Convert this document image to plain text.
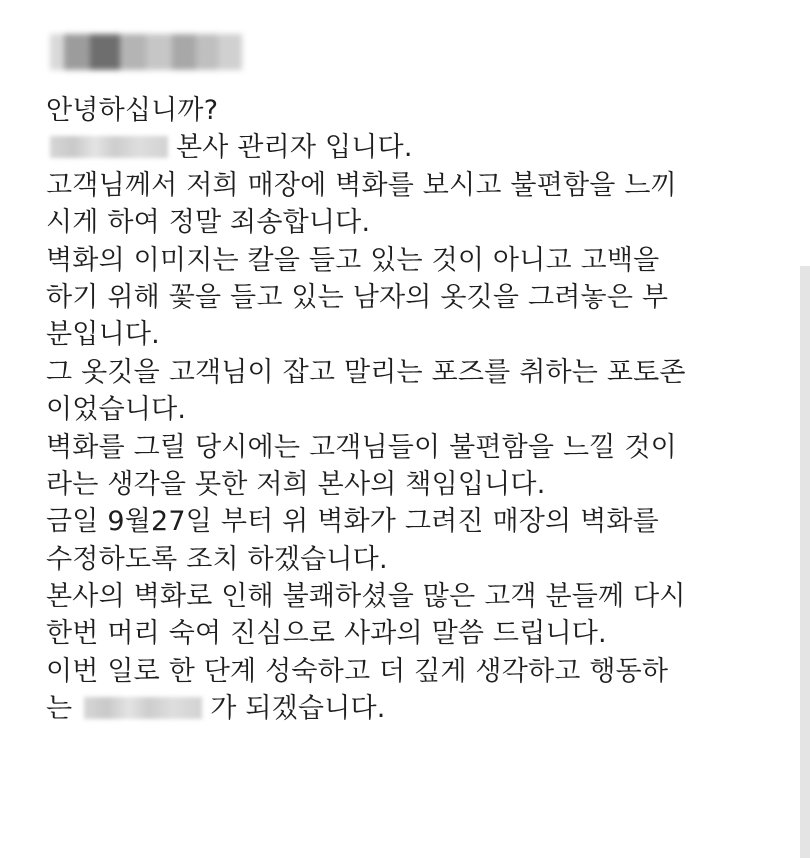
안녕하십니까?
본사 관리자 입니다.
고객님께서 저희 매장에 벽화를 보시고 불편함을 느끼
시게 하여 정말 죄송합니다.
벽화의 이미지는 칼을 들고 있는 것이 아니고 고백을
하기 위해 꽃을 들고 있는 남자의 옷깃을 그려놓은 부
분입니다.
그 옷깃을 고객님이 잡고 말리는 포즈를 취하는 포토존
이었습니다.
벽화를 그릴 당시에는 고객님들이 불편함을 느낄 것이
라는 생각을 못한 저희 본사의 책임입니다.
금일 9월27일 부터 위 벽화가 그려진 매장의 벽화를
수정하도록 조치 하겠습니다.
본사의 벽화로 인해 불쾌하셨을 많은 고객 분들께 다시
한번 머리 숙여 진심으로 사과의 말씀 드립니다.
이번 일로 한 단계 성숙하고 더 깊게 생각하고 행동하
는	가 되겠습니다.
